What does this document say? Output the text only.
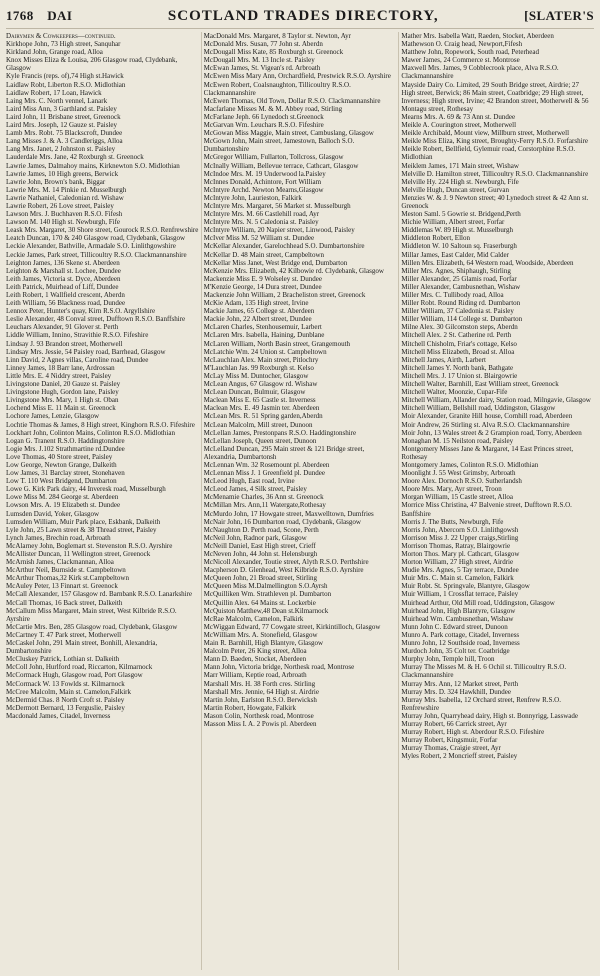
1768 DAI	SCOTLAND TRADES DIRECTORY,	[SLATER'S

Dairymen & Cowkeepers—continued.

Kirkhope John, 73 High street, Sanquhar

Kirkland John, Grange road, Alloa

Knox Misses Eliza & Louisa, 206 Glasgow road, Clydebank, Glasgow

Kyle Francis (reps. of),74 High st.Hawick

Laidlaw Robt, Liberton R.S.O. Midlothian

Laidlaw Robert, 17 Loan, Hawick

Laing Mrs. C. North vennel, Lanark

Laird Miss Ann, 3 Garthland st. Paisley

Laird John, 11 Brisbane street, Greenock

Laird Mrs. Joseph, 12 Gauze st. Paisley

Lamb Mrs. Robt. 75 Blackscroft, Dundee

Lang Misses J. & A. 3 Candleriggs, Alloa

Lang Mrs. Janet, 2 Johnston st. Paisley

Lauderdale Mrs. Jane, 42 Roxburgh st. Greenock

Lawrie James, Dalmahoy mains, Kirknewton S.O. Midlothian

Lawrie James, 10 High greens, Berwick

Lawrie John, Brown's bank, Biggar

Lawrie Mrs. M. 14 Pinkie rd. Musselburgh

Lawrie Nathaniel, Caledonian rd. Wishaw

Lawrie Robert, 26 Love street, Paisley

Lawson Mrs. J. Buchhaven R.S.O. Fifesh

Lawson M. 140 High st. Newburgh, Fife

Leask Mrs. Margaret, 30 Shore street, Gourock R.S.O. Renfrewshire

Leatch Duncan, 170 & 240 Glasgow road, Clydebank, Glasgow

Leckie Alexander, Bathville, Armadale S.O. Linlithgowshire

Leckie James, Park street, Tillicoultry R.S.O. Clackmannanshire

Leighton James, 136 Skene st. Aberdeen

Leighton & Marshall st. Lochee, Dundee

Leith James, Victoria st. Dyce, Aberdeen

Leith Patrick, Muirhead of Liff, Dundee

Leith Robert, 1 Wallfield crescent, Aberdn

Leith William, 56 Blackness road, Dundee

Lennox Peter, Hunter's quay, Kirn R.S.O. Argyllshire

Leslie Alexander, 48 Conval street, Dufftown R.S.O. Banffshire

Leuchars Alexander, 91 Glover st. Perth

Liddle William, Innino, Stravithie R.S.O. Fifeshire

Lindsay J. 93 Brandon street, Motherwell

Lindsay Mrs. Jessie, 54 Paisley road, Barrhead, Glasgow

Linn David, 2 Agnes villas, Caroline road, Dundee

Linney James, 18 Barr lane, Ardrossan

Little Mrs. E. 4 Niddry street, Paisley

Livingstone Daniel, 20 Gauze st. Paisley

Livingstone Hugh, Gordon lane, Paisley

Livingstone Mrs. Mary, 1 High st. Oban

Lochend Miss E. 11 Main st. Greenock

Lochore James, Lenzie, Glasgow

Lochtie Thomas & James, 8 High street, Kinghorn R.S.O. Fifeshire

Lockhart John, Colinton Mains, Colinton R.S.O. Midlothian

Logan G. Tranent R.S.O. Haddingtonshire

Logie Mrs. J.102 Strathmartine rd.Dundee

Love Thomas, 40 Store street, Paisley

Low George, Newton Grange, Dalkeith

Low James, 31 Barclay street, Stonehaven

Low T. 110 West Bridgend, Dumbarton

Lowe G. Kirk Park dairy, 44 Inveresk road, Musselburgh

Lowe Miss M. 284 George st. Aberdeen

Lowson Mrs. A. 19 Elizabeth st. Dundee

Lumsden David, Yoker, Glasgow

Lumsden William, Muir Park place, Eskbank, Dalkeith

Lyle John, 25 Lawn street & 38 Thread street, Paisley

Lynch James, Brechin road, Arbroath

McAlarney John, Boglemart st. Stevenston R.S.O. Ayrshire

McAllister Duncan, 11 Wellington street, Greenock

McArnish James, Clackmannan, Alloa

McArthur Neil, Burnside st. Campbeltown

McArthur Thomas,32 Kirk st.Campbeltown

McAuley Peter, 13 Finnart st. Greenock

McCall Alexander, 157 Glasgow rd. Barnbank R.S.O. Lanarkshire

McCall Thomas, 16 Back street, Dalkeith

McCallum Miss Margaret, Main street, West Kilbride R.S.O. Ayrshire

McCartie Mrs. Ben, 285 Glasgow road, Clydebank, Glasgow

McCartney T. 47 Park street, Motherwell

McCaskel John, 291 Main street, Bonhill, Alexandria, Dumbartonshire

McCluskey Patrick, Lothian st. Dalkeith

McColl John, Hurlford road, Riccarton, Kilmarnock

McCormack Hugh, Glasgow road, Port Glasgow

McCormack W. 13 Fowlds st. Kilmarnock

McCree Malcolm, Main st. Camelon,Falkirk

McDermid Chas. 8 North Croft st. Paisley

McDermott Bernard, 13 Ferguslie, Paisley

Macdonald James, Citadel, Inverness

MacDonald Mrs. Margaret, 8 Taylor st. Newton, Ayr

McDonald Mrs. Susan, 77 John st. Aberdn

McDougall Miss Kate, 85 Roxburgh st. Greenock

McDougall Mrs. M. 13 Incle st. Paisley

McEwan James, St. Vigean's rd. Arbroath

McEwen Miss Mary Ann, Orchardfield, Prestwick R.S.O. Ayrshire

McEwen Robert, Coalsnaughton, Tillicoultry R.S.O. Clackmannanshire

McEwen Thomas, Old Town, Dollar R.S.O. Clackmannanshire

Macfarlane Misses M. & M. Abbey road, Stirling

McFarlane Jeph. 66 Lynedoch st.Greenock

McGarvan Wm. Leuchars R.S.O. Fifeshire

McGowan Miss Maggie, Main street, Cambuslang, Glasgow

McGown John, Main street, Jamestown, Balloch S.O. Dumbartonshire

McGregor William, Fullarton, Tollcross, Glasgow

McInally William, Bellevue terrace, Cathcart, Glasgow

McIndoe Mrs. M. 19 Underwood la.Paisley

McInnes Donald, Achintore, Fort William

McIntyre Archd. Newton Mearns,Glasgow

McIntyre John, Laurieston, Falkirk

McIntyre Mrs. Margaret, 56 Market st. Musselburgh

McIntyre Mrs. M. 66 Castlehill road, Ayr

McIntyre Mrs. N. 5 Caledonia st. Paisley

McIntyre William, 20 Napier street, Linwood, Paisley

McIver Miss M. 52 William st. Dundee

McKellar Alexander, Garelochhead S.O. Dumbartonshire

McKellar D. 48 Main street, Campbeltown

McKellar Miss Janet, West Bridge end, Dumbarton

McKenzie Mrs. Elizabeth, 42 Kilbowie rd. Clydebank, Glasgow

Mackenzie Miss E. 9 Wolseley st. Dundee

M'Kenzie George, 14 Dura street, Dundee

Mackenzie John William, 2 Bracheliston street, Greenock

McKie Adam, 135 High street, Irvine

Mackie James, 65 College st. Aberdeen

Mackie John, 22 Albert street, Dundee

McLaren Charles, Stenhousemuir, Larbert

McLaren Mrs. Isabella, Haining, Dunblane

McLaren William, North Basin street, Grangemouth

McLatchie Wm. 24 Union st. Campbeltown

McLauchlan Alex. Main street, Pitlochry

M'Lauchlan Jas. 99 Roxburgh st. Kelso

McLay Miss M. Duntocher, Glasgow

McLean Angus, 67 Glasgow rd. Wishaw

McLean Duncan, Bulmuir, Glasgow

Maclean Miss E. 65 Castle st. Inverness

Maclean Mrs. E. 49 Jasmin ter. Aberdeen

McLean Mrs. R. 51 Spring garden,Aberdn

McLean Malcolm, Mill street, Dunoon

McLellan James, Prestonpans R.S.O. Haddingtonshire

McLellan Joseph, Queen street, Dunoon

McLelland Duncan, 295 Main street & 121 Bridge street, Alexandria, Dumbartonsh

McLennan Wm. 32 Rosemount pl. Aberdeen

McLennan Miss J. 1 Greenfield pl. Dundee

McLeod Hugh, East road, Irvine

McLeod James, 4 Silk street, Paisley

McMenamie Charles, 36 Ann st. Greenock

McMillan Mrs. Ann,11 Watergate,Rothesay

McMurdo John, 17 Howgate street, Maxwelltown, Dumfries

McNair John, 16 Dumbarton road, Clydebank, Glasgow

McNaughton D. Perth road, Scone, Perth

McNeil John, Radnor park, Glasgow

McNeill Daniel, East High street, Crieff

McNeven John, 44 John st. Helensburgh

McNicoll Alexander, Toutie street, Alyth R.S.O. Perthshire

Macpherson D. Glenhead, West Kilbride R.S.O. Ayrshire

McQueen John, 21 Broad street, Stirling

McQueen Miss M.Dalmellington S.O.Ayrsh

McQuilliken Wm. Strathleven pl. Dumbarton

McQuillin Alex. 64 Mains st. Lockerbie

McQuiston Matthew,48 Dean st.Kilmarnock

McRae Malcolm, Camelon, Falkirk

McWiggan Edward, 77 Cowgate street, Kirkintilloch, Glasgow

McWilliam Mrs. A. Stonefield, Glasgow

Main R. Barnhill, High Blantyre, Glasgow

Malcolm Peter, 26 King street, Alloa

Mann D. Baeden, Stocket, Aberdeen

Mann John, Victoria bridge, Northesk road, Montrose

Marr William, Keptie road, Arbroath

Marshall Mrs. H. 38 Forth cres. Stirling

Marshall Mrs. Jennie, 64 High st. Airdrie

Martin John, Earlston R.S.O. Berwicksh

Martin Robert, Howgate, Falkirk

Mason Colin, Northesk road, Montrose

Masson Miss I. A. 2 Powis pl. Aberdeen

Mather Mrs. Isabella Watt, Raeden, Stocket, Aberdeen

Mathewson O. Craig head, Newport,Fifesh

Matthew John, Ropework, South road, Peterhead

Mawer James, 24 Commerce st. Montrose

Maxwell Mrs. James, 9 Cobblecrook place, Alva R.S.O. Clackmannanshire

Mayside Dairy Co. Limited, 29 South Bridge street, Airdrie; 27 High street, Berwick; 86 Main street, Coatbridge; 29 High street, Inverness; High street, Irvine; 42 Brandon street, Motherwell & 56 Montagu street, Rothesay

Mearns Mrs. A. 69 & 73 Ann st. Dundee

Meikle A. Courington street, Motherwell

Meikle Archibald, Mount view, Millburn street, Motherwell

Meikle Miss Eliza, King street, Broughty-Ferry R.S.O. Forfarshire

Meikle Robert, Bellfield, Gylemuir road, Corstorphine R.S.O. Midlothian

Meiklem James, 171 Main street, Wishaw

Melville D. Hamilton street, Tillicoultry R.S.O. Clackmannanshire

Melville Hy. 224 High st. Newburgh, Fife

Melville Hugh, Duncan street, Gurvan

Menzies W. & J. 9 Newton street; 40 Lynedoch street & 42 Ann st. Greenock

Meston Saml. 5 Gowrie st. Bridgend,Perth

Michie William, Albert street, Forfar

Middlemas W. 89 High st. Musselburgh

Middleton Robert, Ellon

Middleton W. 10 Saltoun sq. Fraserburgh

Millar James, East Calder, Mid Calder

Millen Mrs. Elizabeth, 64 Western road, Woodside, Aberdeen

Miller Mrs. Agnes, Shiphaugh, Stirling

Miller Alexander, 25 Glamis road, Forfar

Miller Alexander, Cambusnethan, Wishaw

Miller Mrs. C. Tullibody road, Alloa

Miller Robt. Round Riding rd. Dumbarton

Miller William, 37 Caledonia st. Paisley

Miller William, 114 College st. Dumbarton

Milne Alex. 30 Gilcomston steps, Aberdn

Mitchell Alex. 2 St. Catherine rd. Perth

Mitchell Chisholm, Friar's cottage, Kelso

Mitchell Miss Elizabeth, Broad st. Alloa

Mitchell James, Airth, Larbert

Mitchell James Y. North bank, Bathgate

Mitchell Mrs. J. 17 Union st. Blairgowrie

Mitchell Walter, Barnhill, East William street, Greenock

Mitchell Walter, Moonzie, Cupar-Fife

Mitchell William, Allander dairy, Station road, Milngavie, Glasgow

Mitchell William, Bellshill road, Uddingston, Glasgow

Moir Alexander, Granite Hill house, Cornhill road, Aberdeen

Moir Andrew, 26 Stirling st. Alva R.S.O. Clackmannanshire

Moir John, 13 Wales street & 2 Grampion road, Torry, Aberdeen

Monaghan M. 15 Neilston road, Paisley

Montgomery Misses Jane & Margaret, 14 East Princes street, Rothesay

Montgomery James, Colinton R.S.O. Midlothian

Moonlight J. 55 West Grimsby, Arbroath

Moore Alex. Dornoch R.S.O. Sutherlandsh

Moore Mrs. Mary, Ayr street, Troon

Morgan William, 15 Castle street, Alloa

Morrice Miss Christina, 47 Balvenie street, Dufftown R.S.O. Banffshire

Morris J. The Butts, Newburgh, Fife

Morris John, Abercorn S.O. Linlithgowsh

Morrison Miss J. 22 Upper craigs,Stirling

Morrison Thomas, Ratray, Blairgowrie

Morton Thos. Mary pl. Cathcart, Glasgow

Morton William, 27 High street, Airdrie

Mudie Mrs. Agnes, 5 Tay terrace, Dundee

Muir Mrs. C. Main st. Camelon, Falkirk

Muir Robt. St. Springvale, Blantyre, Glasgow

Muir William, 1 Crossflat terrace, Paisley

Muirhead Arthur, Old Mill road, Uddingston, Glasgow

Muirhead John, High Blantyre, Glasgow

Muirhead Wm. Cambusnethan, Wishaw

Munn John C. Edward street, Dunoon

Munro A. Park cottage, Citadel, Inverness

Munro John, 12 Southside road, Inverness

Murdoch John, 35 Colt ter. Coatbridge

Murphy John, Temple hill, Troon

Murray The Misses M. & H. 6 Ochil st. Tillicoultry R.S.O. Clackmannanshire

Murray Mrs. Ann, 12 Market street, Perth

Murray Mrs. D. 324 Hawkhill, Dundee

Murray Mrs. Isabella, 12 Orchard street, Renfrew R.S.O. Renfrewshire

Murray John, Quarryhead dairy, High st. Bonnyrigg, Lasswade

Murray Robert, 66 Carrick street, Ayr

Murray Robert, High st. Aberdour R.S.O. Fifeshire

Murray Robert, Kingsmuir, Forfar

Murray Thomas, Craigie street, Ayr

Myles Robert, 2 Moncrieff street, Paisley
